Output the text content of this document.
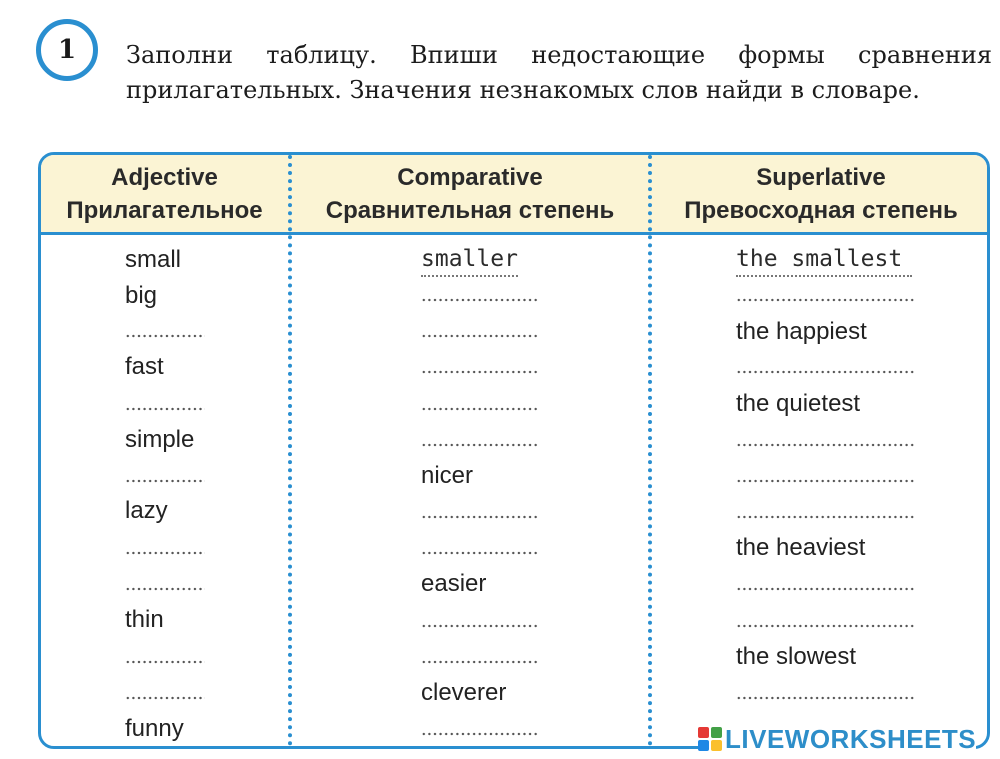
1 Заполни таблицу. Впиши недостающие формы сравнения прилагательных. Значения незнакомых слов найди в словаре.
Adjective
Прилагательное
Comparative
Сравнительная степень
Superlative
Превосходная степень
small
big
fast
simple
lazy
thin
funny
smaller
nicer
easier
cleverer
the smallest
the happiest
the quietest
the heaviest
the slowest
LIVEWORKSHEETS
